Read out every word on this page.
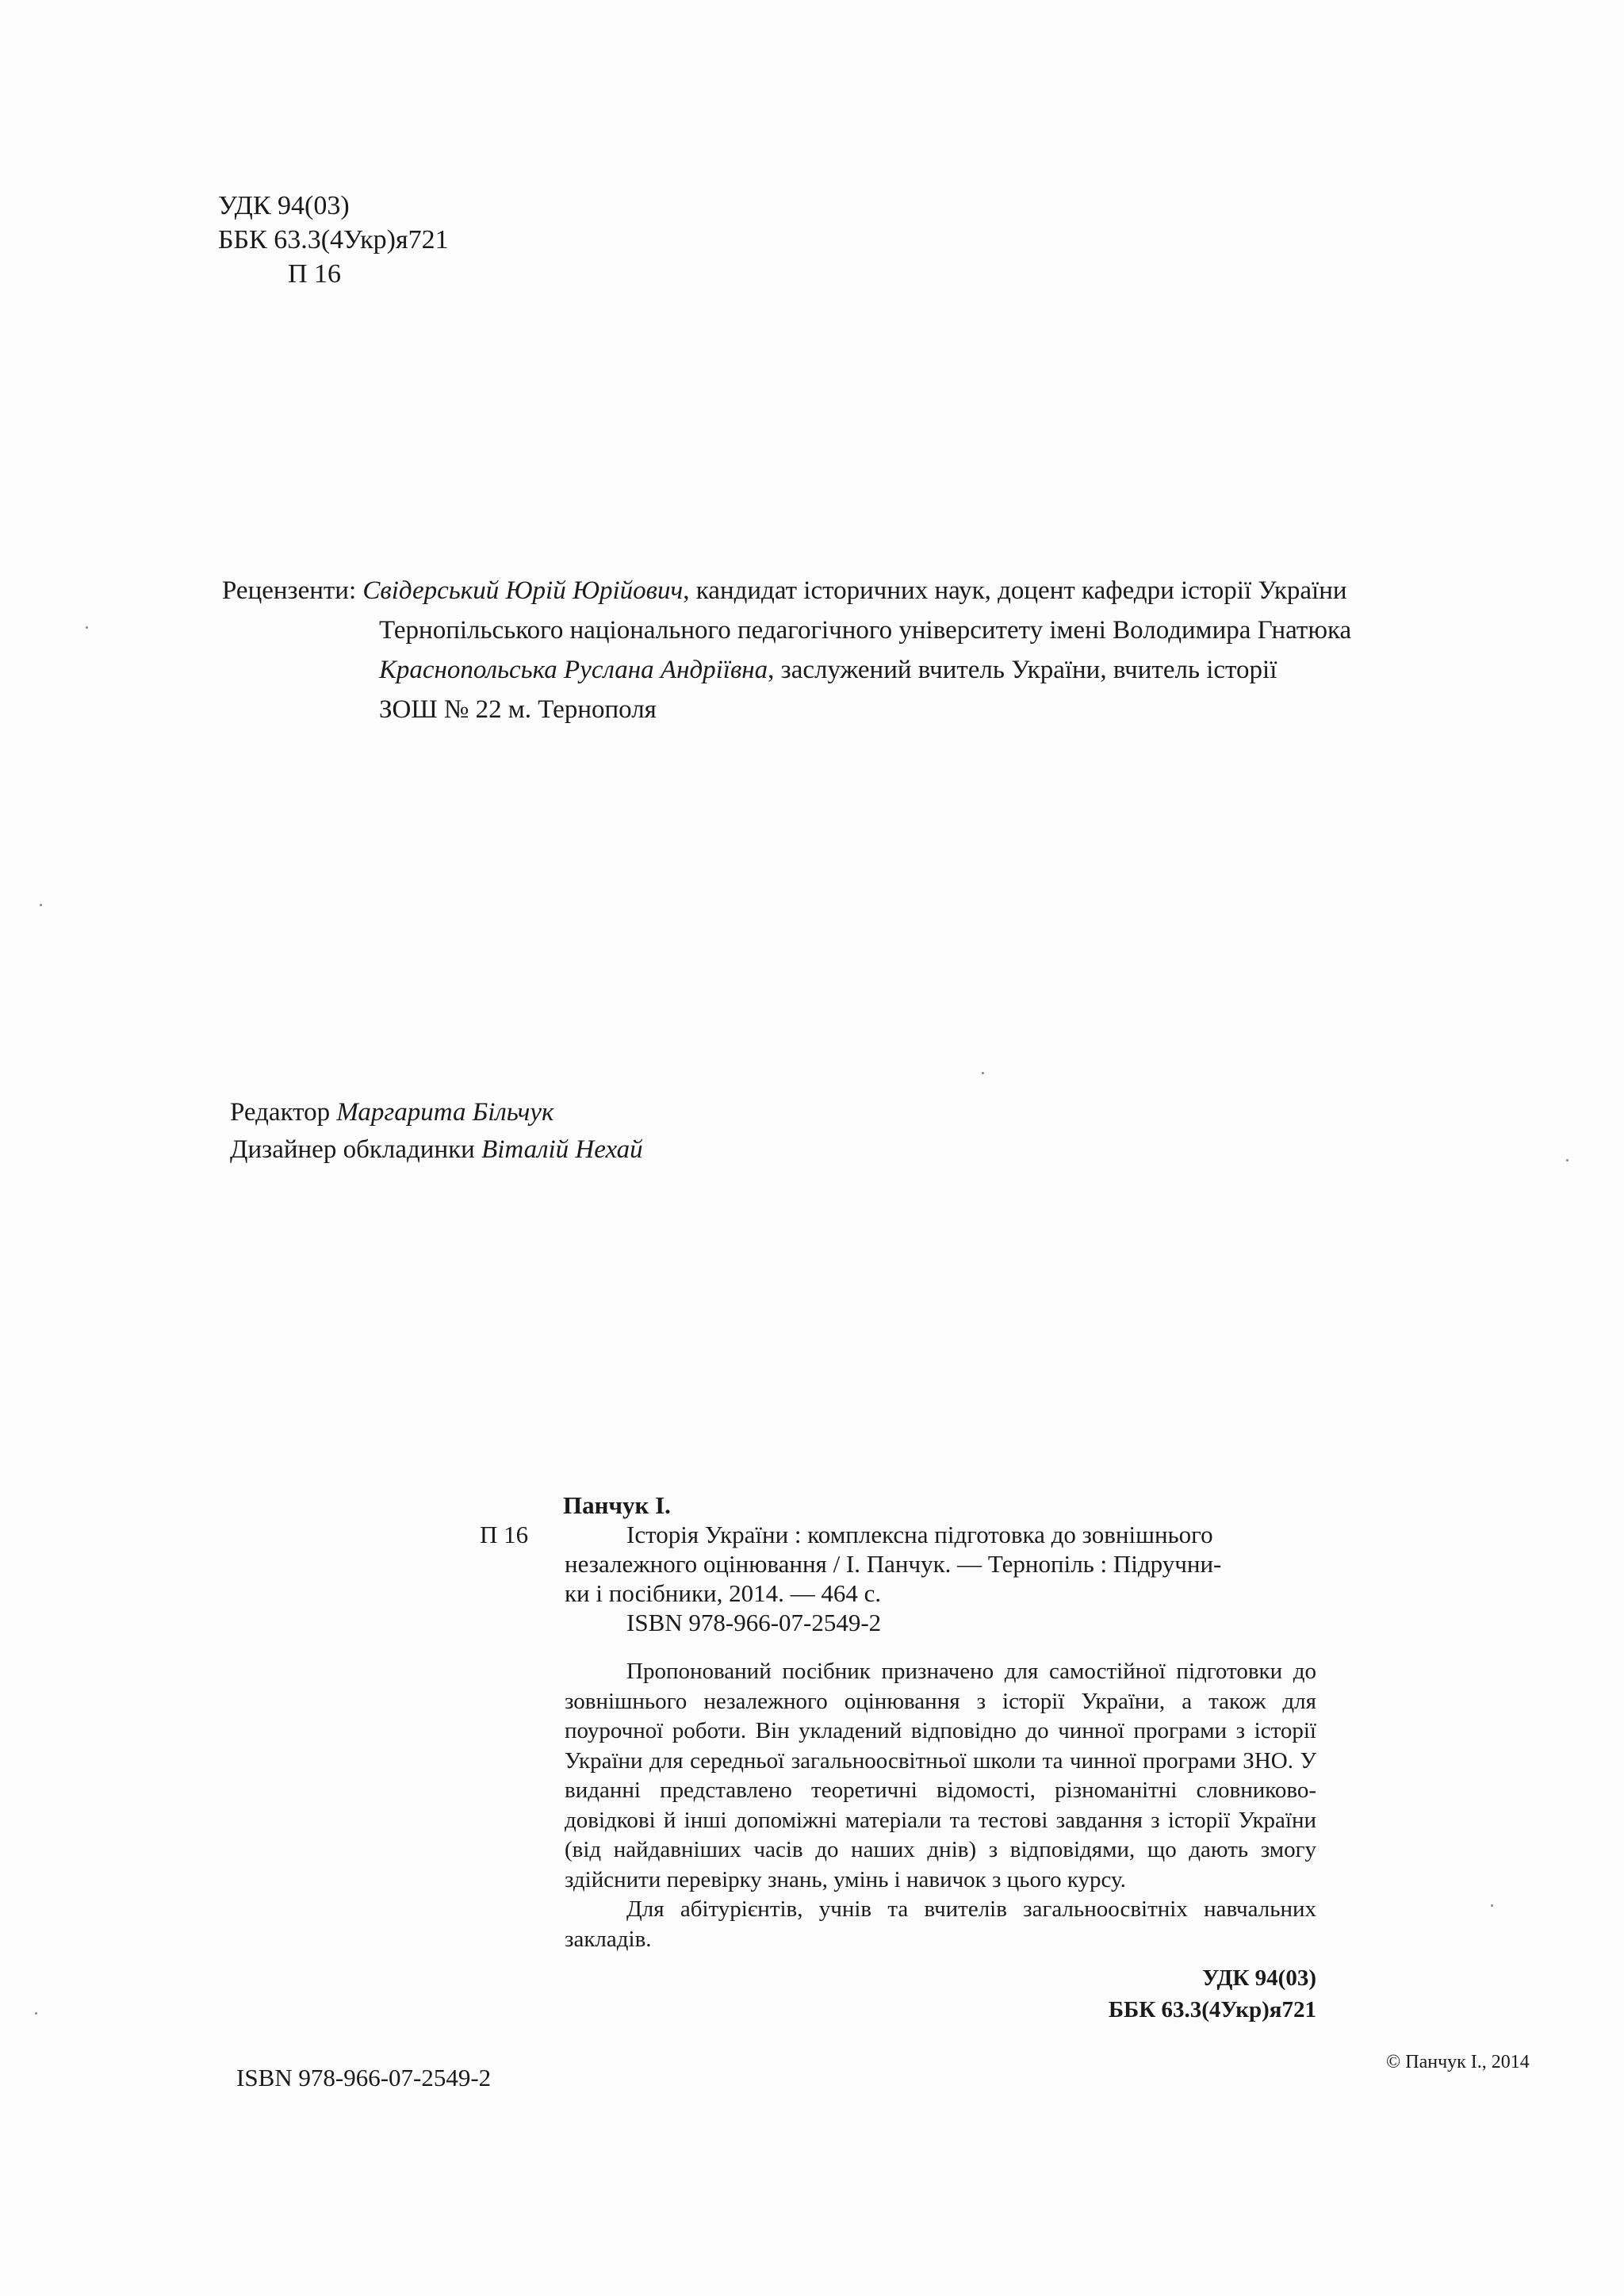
УДК 94(03)
ББК 63.3(4Укр)я721
П 16
Рецензенти: Свідерський Юрій Юрійович, кандидат історичних наук, доцент кафедри історії України
Тернопільського національного педагогічного університету імені Володимира Гнатюка
Краснопольська Руслана Андріївна, заслужений вчитель України, вчитель історії
ЗОШ № 22 м. Тернополя
Редактор Маргарита Більчук
Дизайнер обкладинки Віталій Нехай
П 16
Панчук І.
Історія України : комплексна підготовка до зовнішнього
незалежного оцінювання / І. Панчук. — Тернопіль : Підручни-
ки і посібники, 2014. — 464 с.
ISBN 978-966-07-2549-2

Пропонований посібник призначено для самостійної підготовки до зовнішнього незалежного оцінювання з історії України, а також для поурочної роботи. Він укладений відповідно до чинної програми з історії України для середньої загальноосвітньої школи та чинної програми ЗНО. У виданні представлено теоретичні відомості, різноманітні словниково-довідкові й інші допоміжні матеріали та тестові завдання з історії України (від найдавніших часів до наших днів) з відповідями, що дають змогу здійснити перевірку знань, умінь і навичок з цього курсу.

Для абітурієнтів, учнів та вчителів загальноосвітніх навчальних закладів.

УДК 94(03)
ББК 63.3(4Укр)я721
ISBN 978-966-07-2549-2
© Панчук І., 2014
